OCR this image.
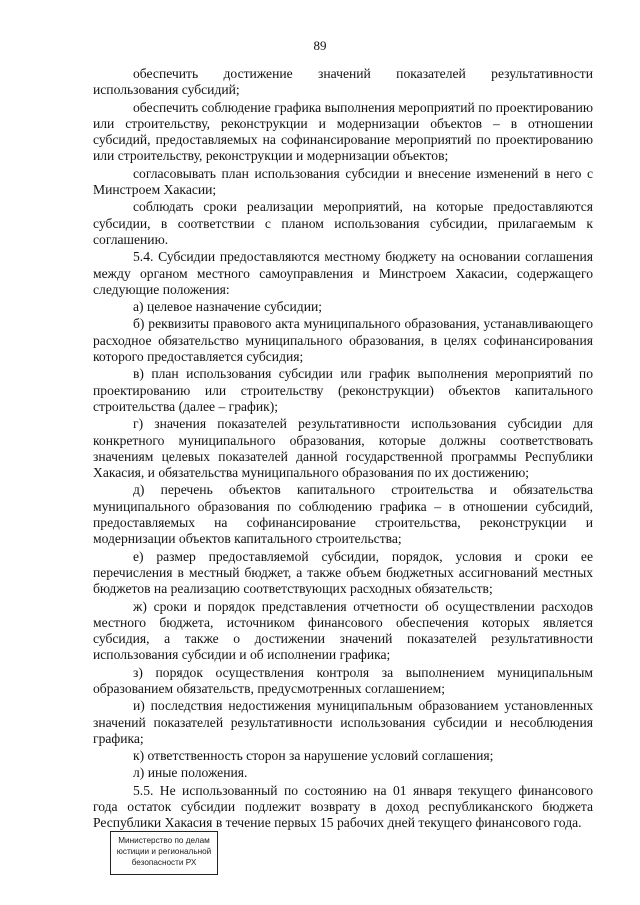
89

обеспечить достижение значений показателей результативности использования субсидий;

обеспечить соблюдение графика выполнения мероприятий по проектированию или строительству, реконструкции и модернизации объектов – в отношении субсидий, предоставляемых на софинансирование мероприятий по проектированию или строительству, реконструкции и модернизации объектов;

согласовывать план использования субсидии и внесение изменений в него с Минстроем Хакасии;

соблюдать сроки реализации мероприятий, на которые предоставляются субсидии, в соответствии с планом использования субсидии, прилагаемым к соглашению.

5.4. Субсидии предоставляются местному бюджету на основании соглашения между органом местного самоуправления и Минстроем Хакасии, содержащего следующие положения:

а) целевое назначение субсидии;

б) реквизиты правового акта муниципального образования, устанавливающего расходное обязательство муниципального образования, в целях софинансирования которого предоставляется субсидия;

в) план использования субсидии или график выполнения мероприятий по проектированию или строительству (реконструкции) объектов капитального строительства (далее – график);

г) значения показателей результативности использования субсидии для конкретного муниципального образования, которые должны соответствовать значениям целевых показателей данной государственной программы Республики Хакасия, и обязательства муниципального образования по их достижению;

д) перечень объектов капитального строительства и обязательства муниципального образования по соблюдению графика – в отношении субсидий, предоставляемых на софинансирование строительства, реконструкции и модернизации объектов капитального строительства;

е) размер предоставляемой субсидии, порядок, условия и сроки ее перечисления в местный бюджет, а также объем бюджетных ассигнований местных бюджетов на реализацию соответствующих расходных обязательств;

ж) сроки и порядок представления отчетности об осуществлении расходов местного бюджета, источником финансового обеспечения которых является субсидия, а также о достижении значений показателей результативности использования субсидии и об исполнении графика;

з) порядок осуществления контроля за выполнением муниципальным образованием обязательств, предусмотренных соглашением;

и) последствия недостижения муниципальным образованием установленных значений показателей результативности использования субсидии и несоблюдения графика;

к) ответственность сторон за нарушение условий соглашения;

л) иные положения.

5.5. Не использованный по состоянию на 01 января текущего финансового года остаток субсидии подлежит возврату в доход республиканского бюджета Республики Хакасия в течение первых 15 рабочих дней текущего финансового года.

Министерство по делам
юстиции и региональной
безопасности РХ
